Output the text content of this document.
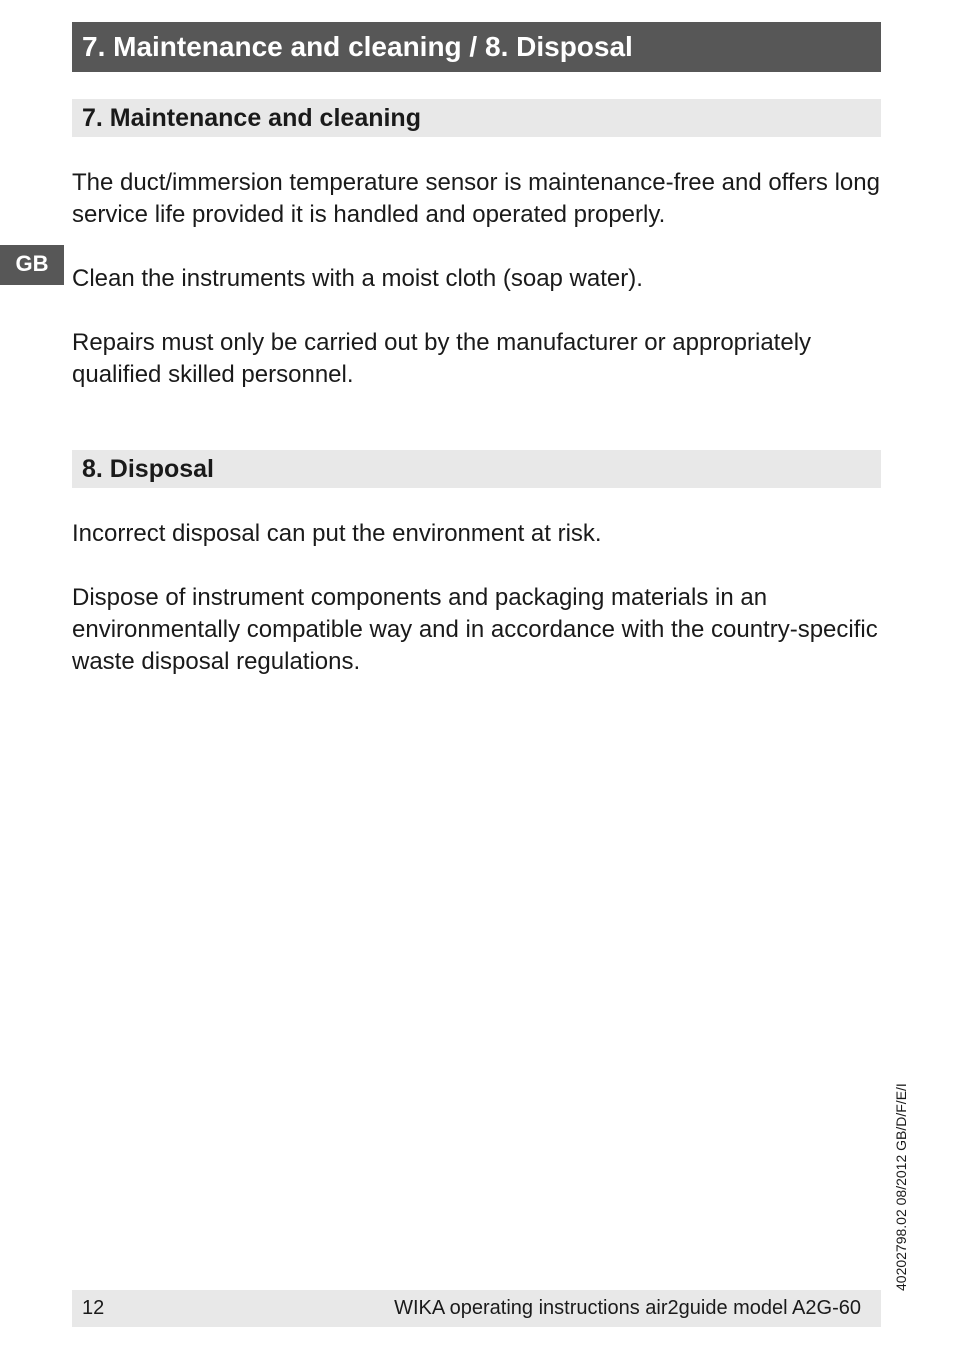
7. Maintenance and cleaning / 8. Disposal
GB
7. Maintenance and cleaning

The duct/immersion temperature sensor is maintenance-free and offers long service life provided it is handled and operated properly.

Clean the instruments with a moist cloth (soap water).

Repairs must only be carried out by the manufacturer or appropriately qualified skilled personnel.

8. Disposal

Incorrect disposal can put the environment at risk.

Dispose of instrument components and packaging materials in an environmentally compatible way and in accordance with the country-specific waste disposal regulations.

40202798.02 08/2012 GB/D/F/E/I
12	WIKA operating instructions air2guide model A2G-60
